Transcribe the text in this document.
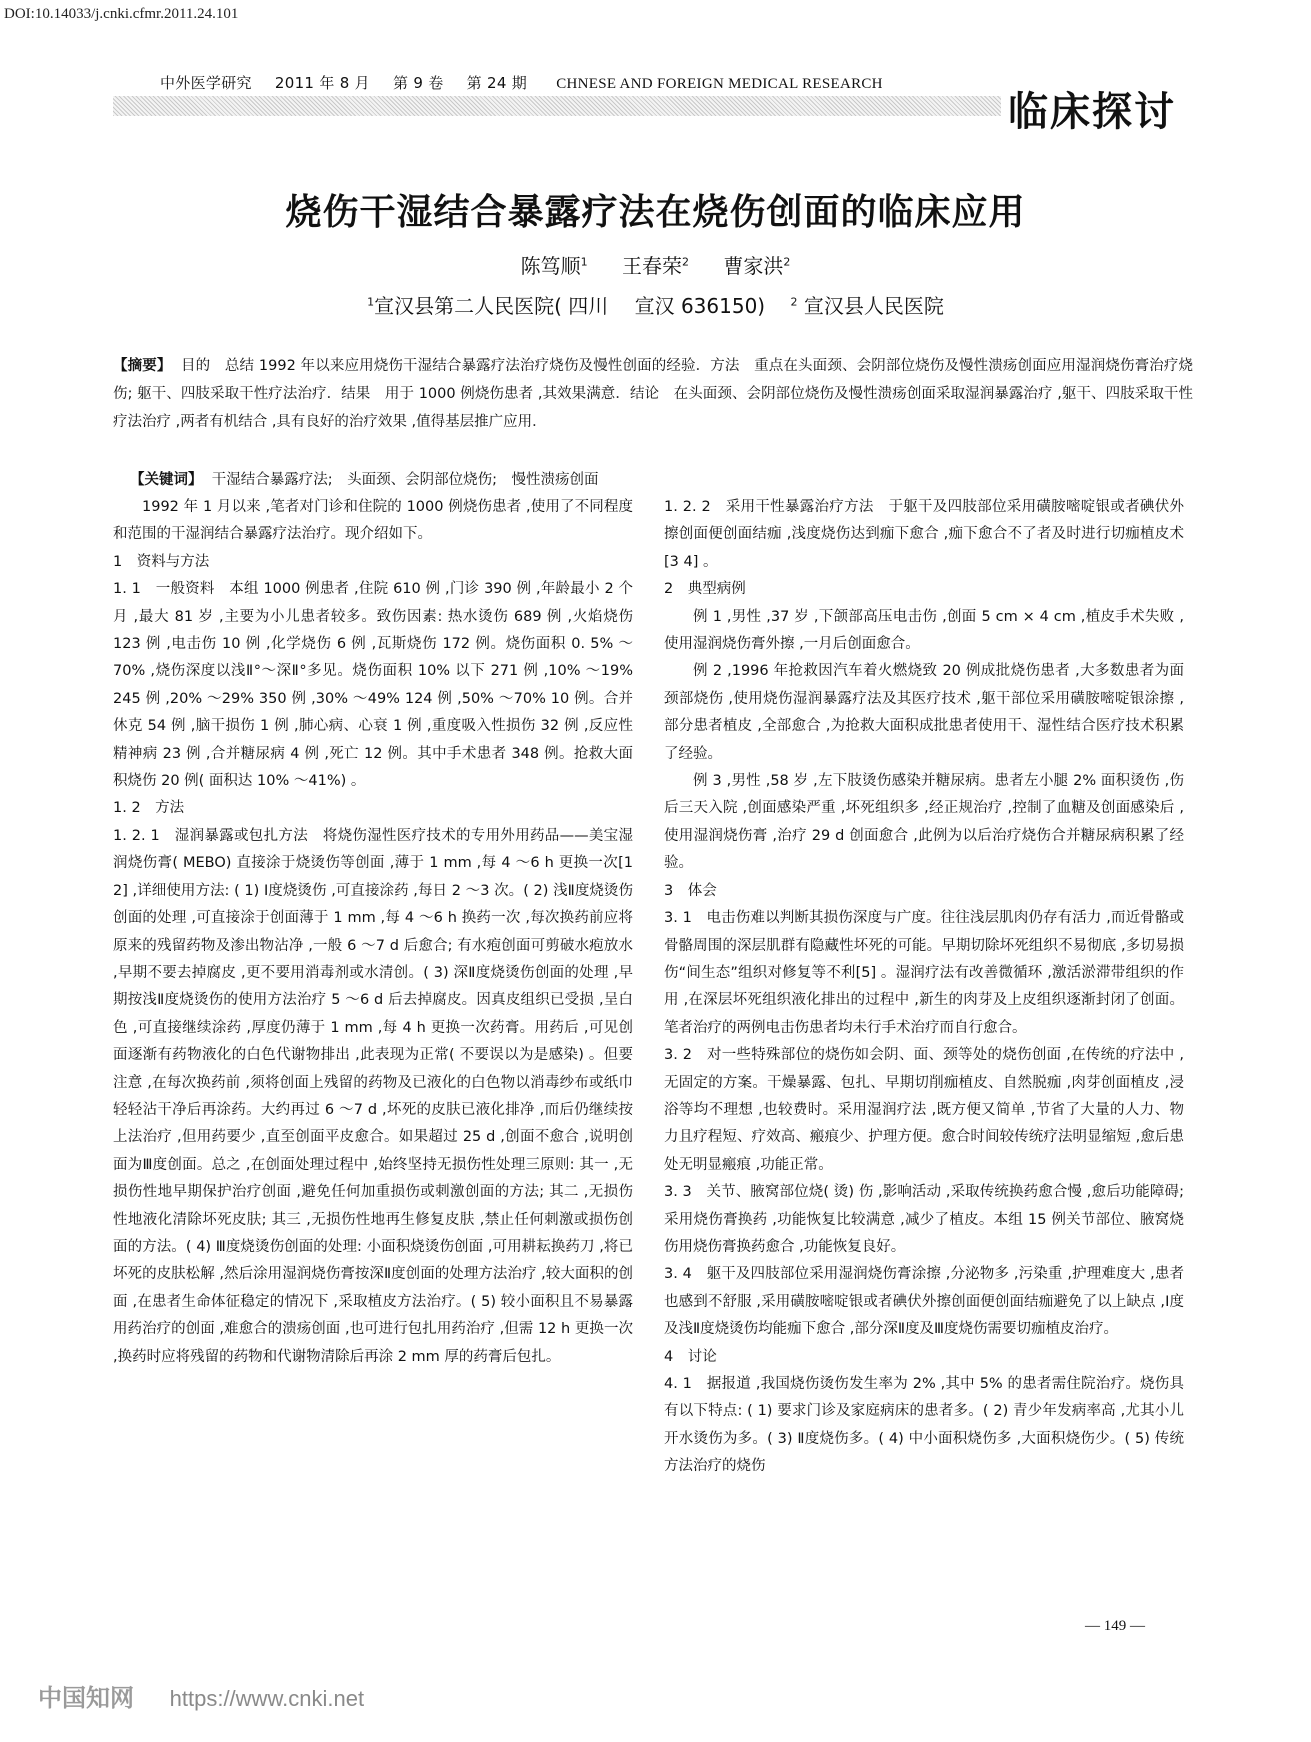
DOI:10.14033/j.cnki.cfmr.2011.24.101
中外医学研究 2011 年 8 月 第 9 卷 第 24 期 CHNESE AND FOREIGN MEDICAL RESEARCH
临床探讨
烧伤干湿结合暴露疗法在烧伤创面的临床应用
陈笃顺$^1$ 王春荣$^2$ 曹家洪$^2$
$^1$宣汉县第二人民医院( 四川　 宣汉 636150) $^2$ 宣汉县人民医院
【摘要】 目的　总结 1992 年以来应用烧伤干湿结合暴露疗法治疗烧伤及慢性创面的经验．方法　重点在头面颈、会阴部位烧伤及慢性溃疡创面应用湿润烧伤膏治疗烧伤; 躯干、四肢采取干性疗法治疗．结果　用于 1000 例烧伤患者 ,其效果满意．结论　在头面颈、会阴部位烧伤及慢性溃疡创面采取湿润暴露治疗 ,躯干、四肢采取干性疗法治疗 ,两者有机结合 ,具有良好的治疗效果 ,值得基层推广应用．
【关键词】 干湿结合暴露疗法;　头面颈、会阴部位烧伤;　慢性溃疡创面

1992 年 1 月以来 ,笔者对门诊和住院的 1000 例烧伤患者 ,使用了不同程度和范围的干湿润结合暴露疗法治疗。现介绍如下。

1　资料与方法

1. 1　一般资料　本组 1000 例患者 ,住院 610 例 ,门诊 390 例 ,年龄最小 2 个月 ,最大 81 岁 ,主要为小儿患者较多。致伤因素: 热水烫伤 689 例 ,火焰烧伤 123 例 ,电击伤 10 例 ,化学烧伤 6 例 ,瓦斯烧伤 172 例。烧伤面积 0. 5% ～70% ,烧伤深度以浅Ⅱ°～深Ⅱ°多见。烧伤面积 10% 以下 271 例 ,10% ～19% 245 例 ,20% ～29% 350 例 ,30% ～49% 124 例 ,50% ～70% 10 例。合并休克 54 例 ,脑干损伤 1 例 ,肺心病、心衰 1 例 ,重度吸入性损伤 32 例 ,反应性精神病 23 例 ,合并糖尿病 4 例 ,死亡 12 例。其中手术患者 348 例。抢救大面积烧伤 20 例( 面积达 10% ～41%) 。

1. 2　方法

1. 2. 1　湿润暴露或包扎方法　将烧伤湿性医疗技术的专用外用药品——美宝湿润烧伤膏( MEBO) 直接涂于烧烫伤等创面 ,薄于 1 mm ,每 4 ～6 h 更换一次[1 2] ,详细使用方法: ( 1) Ⅰ度烧烫伤 ,可直接涂药 ,每日 2 ～3 次。( 2) 浅Ⅱ度烧烫伤创面的处理 ,可直接涂于创面薄于 1 mm ,每 4 ～6 h 换药一次 ,每次换药前应将原来的残留药物及渗出物沾净 ,一般 6 ～7 d 后愈合; 有水疱创面可剪破水疱放水 ,早期不要去掉腐皮 ,更不要用消毒剂或水清创。( 3) 深Ⅱ度烧烫伤创面的处理 ,早期按浅Ⅱ度烧烫伤的使用方法治疗 5 ～6 d 后去掉腐皮。因真皮组织已受损 ,呈白色 ,可直接继续涂药 ,厚度仍薄于 1 mm ,每 4 h 更换一次药膏。用药后 ,可见创面逐渐有药物液化的白色代谢物排出 ,此表现为正常( 不要误以为是感染) 。但要注意 ,在每次换药前 ,须将创面上残留的药物及已液化的白色物以消毒纱布或纸巾轻轻沾干净后再涂药。大约再过 6 ～7 d ,坏死的皮肤已液化排净 ,而后仍继续按上法治疗 ,但用药要少 ,直至创面平皮愈合。如果超过 25 d ,创面不愈合 ,说明创面为Ⅲ度创面。总之 ,在创面处理过程中 ,始终坚持无损伤性处理三原则: 其一 ,无损伤性地早期保护治疗创面 ,避免任何加重损伤或刺激创面的方法; 其二 ,无损伤性地液化清除坏死皮肤; 其三 ,无损伤性地再生修复皮肤 ,禁止任何刺激或损伤创面的方法。( 4) Ⅲ度烧烫伤创面的处理: 小面积烧烫伤创面 ,可用耕耘换药刀 ,将已坏死的皮肤松解 ,然后涂用湿润烧伤膏按深Ⅱ度创面的处理方法治疗 ,较大面积的创面 ,在患者生命体征稳定的情况下 ,采取植皮方法治疗。( 5) 较小面积且不易暴露用药治疗的创面 ,难愈合的溃疡创面 ,也可进行包扎用药治疗 ,但需 12 h 更换一次 ,换药时应将残留的药物和代谢物清除后再涂 2 mm 厚的药膏后包扎。

1. 2. 2　采用干性暴露治疗方法　于躯干及四肢部位采用磺胺嘧啶银或者碘伏外擦创面便创面结痂 ,浅度烧伤达到痂下愈合 ,痂下愈合不了者及时进行切痂植皮术[3 4] 。

2　典型病例

例 1 ,男性 ,37 岁 ,下颌部高压电击伤 ,创面 5 cm × 4 cm ,植皮手术失败 ,使用湿润烧伤膏外擦 ,一月后创面愈合。

例 2 ,1996 年抢救因汽车着火燃烧致 20 例成批烧伤患者 ,大多数患者为面颈部烧伤 ,使用烧伤湿润暴露疗法及其医疗技术 ,躯干部位采用磺胺嘧啶银涂擦 ,部分患者植皮 ,全部愈合 ,为抢救大面积成批患者使用干、湿性结合医疗技术积累了经验。

例 3 ,男性 ,58 岁 ,左下肢烫伤感染并糖尿病。患者左小腿 2% 面积烫伤 ,伤后三天入院 ,创面感染严重 ,坏死组织多 ,经正规治疗 ,控制了血糖及创面感染后 ,使用湿润烧伤膏 ,治疗 29 d 创面愈合 ,此例为以后治疗烧伤合并糖尿病积累了经验。

3　体会

3. 1　电击伤难以判断其损伤深度与广度。往往浅层肌肉仍存有活力 ,而近骨骼或骨骼周围的深层肌群有隐藏性坏死的可能。早期切除坏死组织不易彻底 ,多切易损伤“间生态”组织对修复等不利[5] 。湿润疗法有改善微循环 ,激活淤滞带组织的作用 ,在深层坏死组织液化排出的过程中 ,新生的肉芽及上皮组织逐渐封闭了创面。笔者治疗的两例电击伤患者均未行手术治疗而自行愈合。

3. 2　对一些特殊部位的烧伤如会阴、面、颈等处的烧伤创面 ,在传统的疗法中 ,无固定的方案。干燥暴露、包扎、早期切削痂植皮、自然脱痂 ,肉芽创面植皮 ,浸浴等均不理想 ,也较费时。采用湿润疗法 ,既方便又简单 ,节省了大量的人力、物力且疗程短、疗效高、瘢痕少、护理方便。愈合时间较传统疗法明显缩短 ,愈后患处无明显瘢痕 ,功能正常。

3. 3　关节、腋窝部位烧( 烫) 伤 ,影响活动 ,采取传统换药愈合慢 ,愈后功能障碍; 采用烧伤膏换药 ,功能恢复比较满意 ,减少了植皮。本组 15 例关节部位、腋窝烧伤用烧伤膏换药愈合 ,功能恢复良好。

3. 4　躯干及四肢部位采用湿润烧伤膏涂擦 ,分泌物多 ,污染重 ,护理难度大 ,患者也感到不舒服 ,采用磺胺嘧啶银或者碘伏外擦创面便创面结痂避免了以上缺点 ,Ⅰ度及浅Ⅱ度烧烫伤均能痂下愈合 ,部分深Ⅱ度及Ⅲ度烧伤需要切痂植皮治疗。

4　讨论

4. 1　据报道 ,我国烧伤烫伤发生率为 2% ,其中 5% 的患者需住院治疗。烧伤具有以下特点: ( 1) 要求门诊及家庭病床的患者多。( 2) 青少年发病率高 ,尤其小儿开水烫伤为多。( 3) Ⅱ度烧伤多。( 4) 中小面积烧伤多 ,大面积烧伤少。( 5) 传统方法治疗的烧伤

— 149 —
中国知网 https://www.cnki.net
